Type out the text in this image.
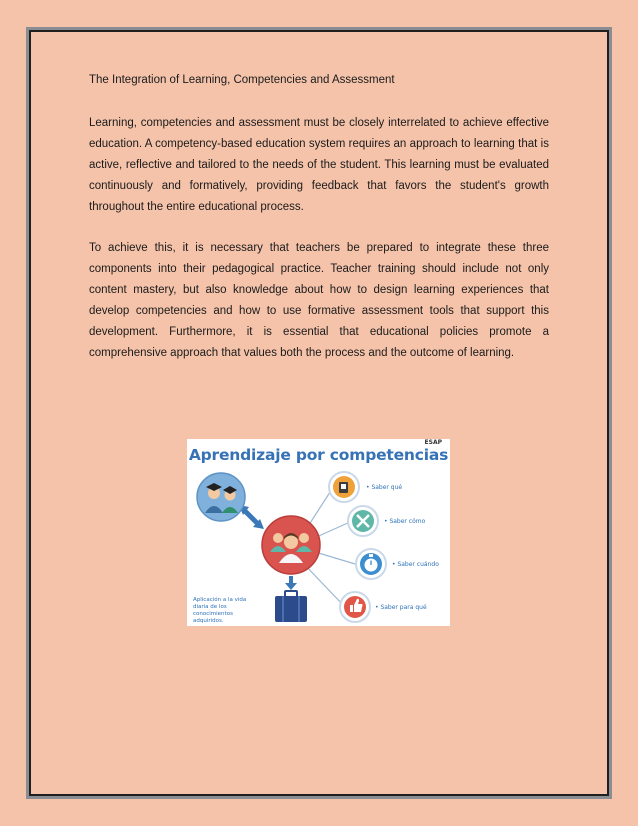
The Integration of Learning, Competencies and Assessment

Learning, competencies and assessment must be closely interrelated to achieve effective education. A competency-based education system requires an approach to learning that is active, reflective and tailored to the needs of the student. This learning must be evaluated continuously and formatively, providing feedback that favors the student's growth throughout the entire educational process.

To achieve this, it is necessary that teachers be prepared to integrate these three components into their pedagogical practice. Teacher training should include not only content mastery, but also knowledge about how to design learning experiences that develop competencies and how to use formative assessment tools that support this development. Furthermore, it is essential that educational policies promote a comprehensive approach that values both the process and the outcome of learning.

ESAP

Aprendizaje por competencias

• Saber qué
• Saber cómo
• Saber cuándo
• Saber para qué
Aplicación a la vida diaria de los conocimientos adquiridos.
